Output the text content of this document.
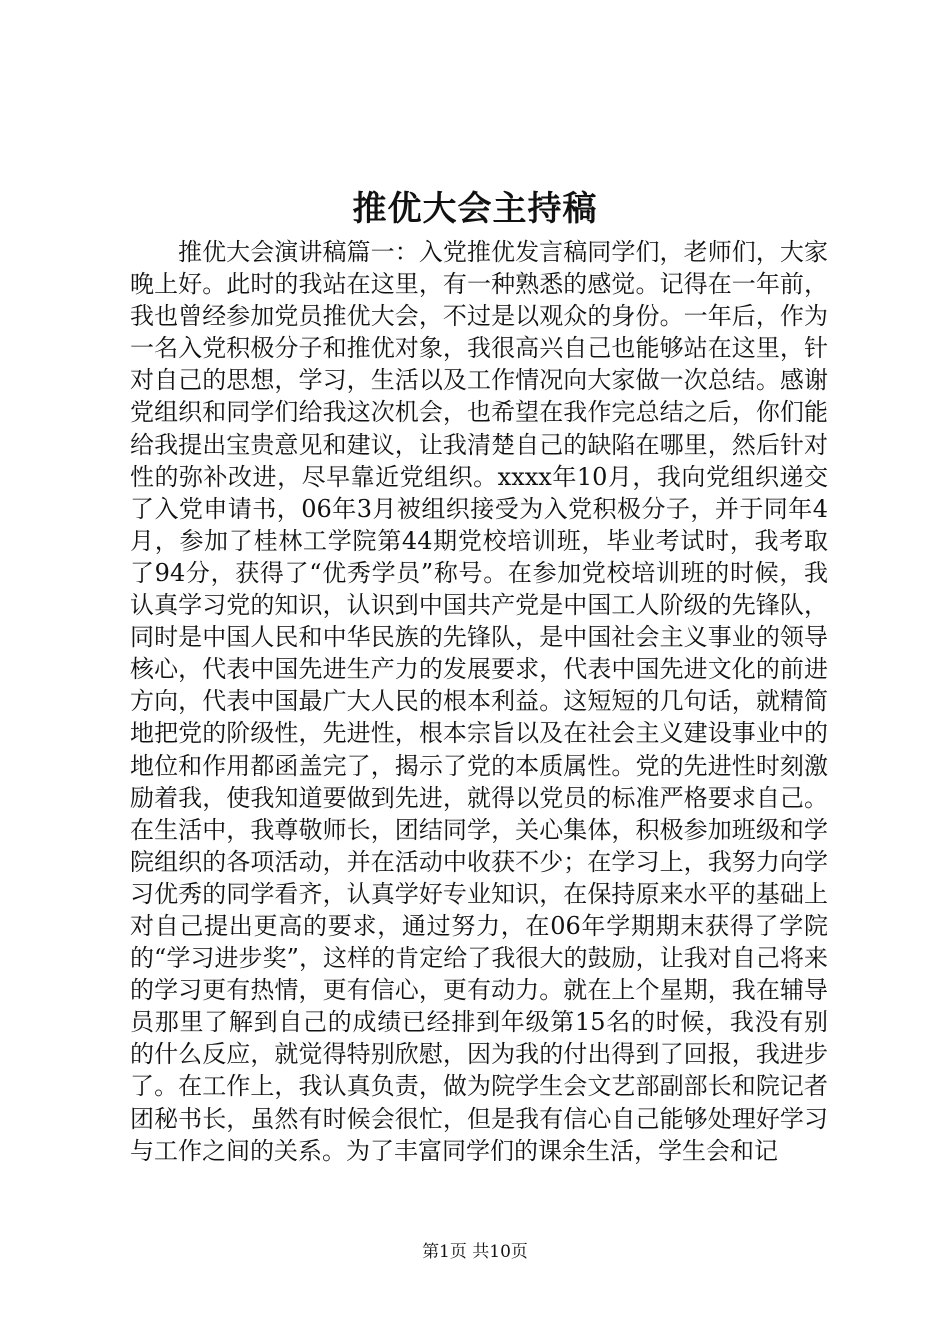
推优大会主持稿

推优大会演讲稿篇一：入党推优发言稿同学们，老师们，大家晚上好。此时的我站在这里，有一种熟悉的感觉。记得在一年前，我也曾经参加党员推优大会，不过是以观众的身份。一年后，作为一名入党积极分子和推优对象，我很高兴自己也能够站在这里，针对自己的思想，学习，生活以及工作情况向大家做一次总结。感谢党组织和同学们给我这次机会，也希望在我作完总结之后，你们能给我提出宝贵意见和建议，让我清楚自己的缺陷在哪里，然后针对性的弥补改进，尽早靠近党组织。xxxx年10月，我向党组织递交了入党申请书，06年3月被组织接受为入党积极分子，并于同年4月，参加了桂林工学院第44期党校培训班，毕业考试时，我考取了94分，获得了“优秀学员”称号。在参加党校培训班的时候，我认真学习党的知识，认识到中国共产党是中国工人阶级的先锋队，同时是中国人民和中华民族的先锋队，是中国社会主义事业的领导核心，代表中国先进生产力的发展要求，代表中国先进文化的前进方向，代表中国最广大人民的根本利益。这短短的几句话，就精简地把党的阶级性，先进性，根本宗旨以及在社会主义建设事业中的地位和作用都函盖完了，揭示了党的本质属性。党的先进性时刻激励着我，使我知道要做到先进，就得以党员的标准严格要求自己。在生活中，我尊敬师长，团结同学，关心集体，积极参加班级和学院组织的各项活动，并在活动中收获不少；在学习上，我努力向学习优秀的同学看齐，认真学好专业知识，在保持原来水平的基础上对自己提出更高的要求，通过努力，在06年学期期末获得了学院的“学习进步奖”，这样的肯定给了我很大的鼓励，让我对自己将来的学习更有热情，更有信心，更有动力。就在上个星期，我在辅导员那里了解到自己的成绩已经排到年级第15名的时候，我没有别的什么反应，就觉得特别欣慰，因为我的付出得到了回报，我进步了。在工作上，我认真负责，做为院学生会文艺部副部长和院记者团秘书长，虽然有时候会很忙，但是我有信心自己能够处理好学习与工作之间的关系。为了丰富同学们的课余生活，学生会和记

第1页 共10页
